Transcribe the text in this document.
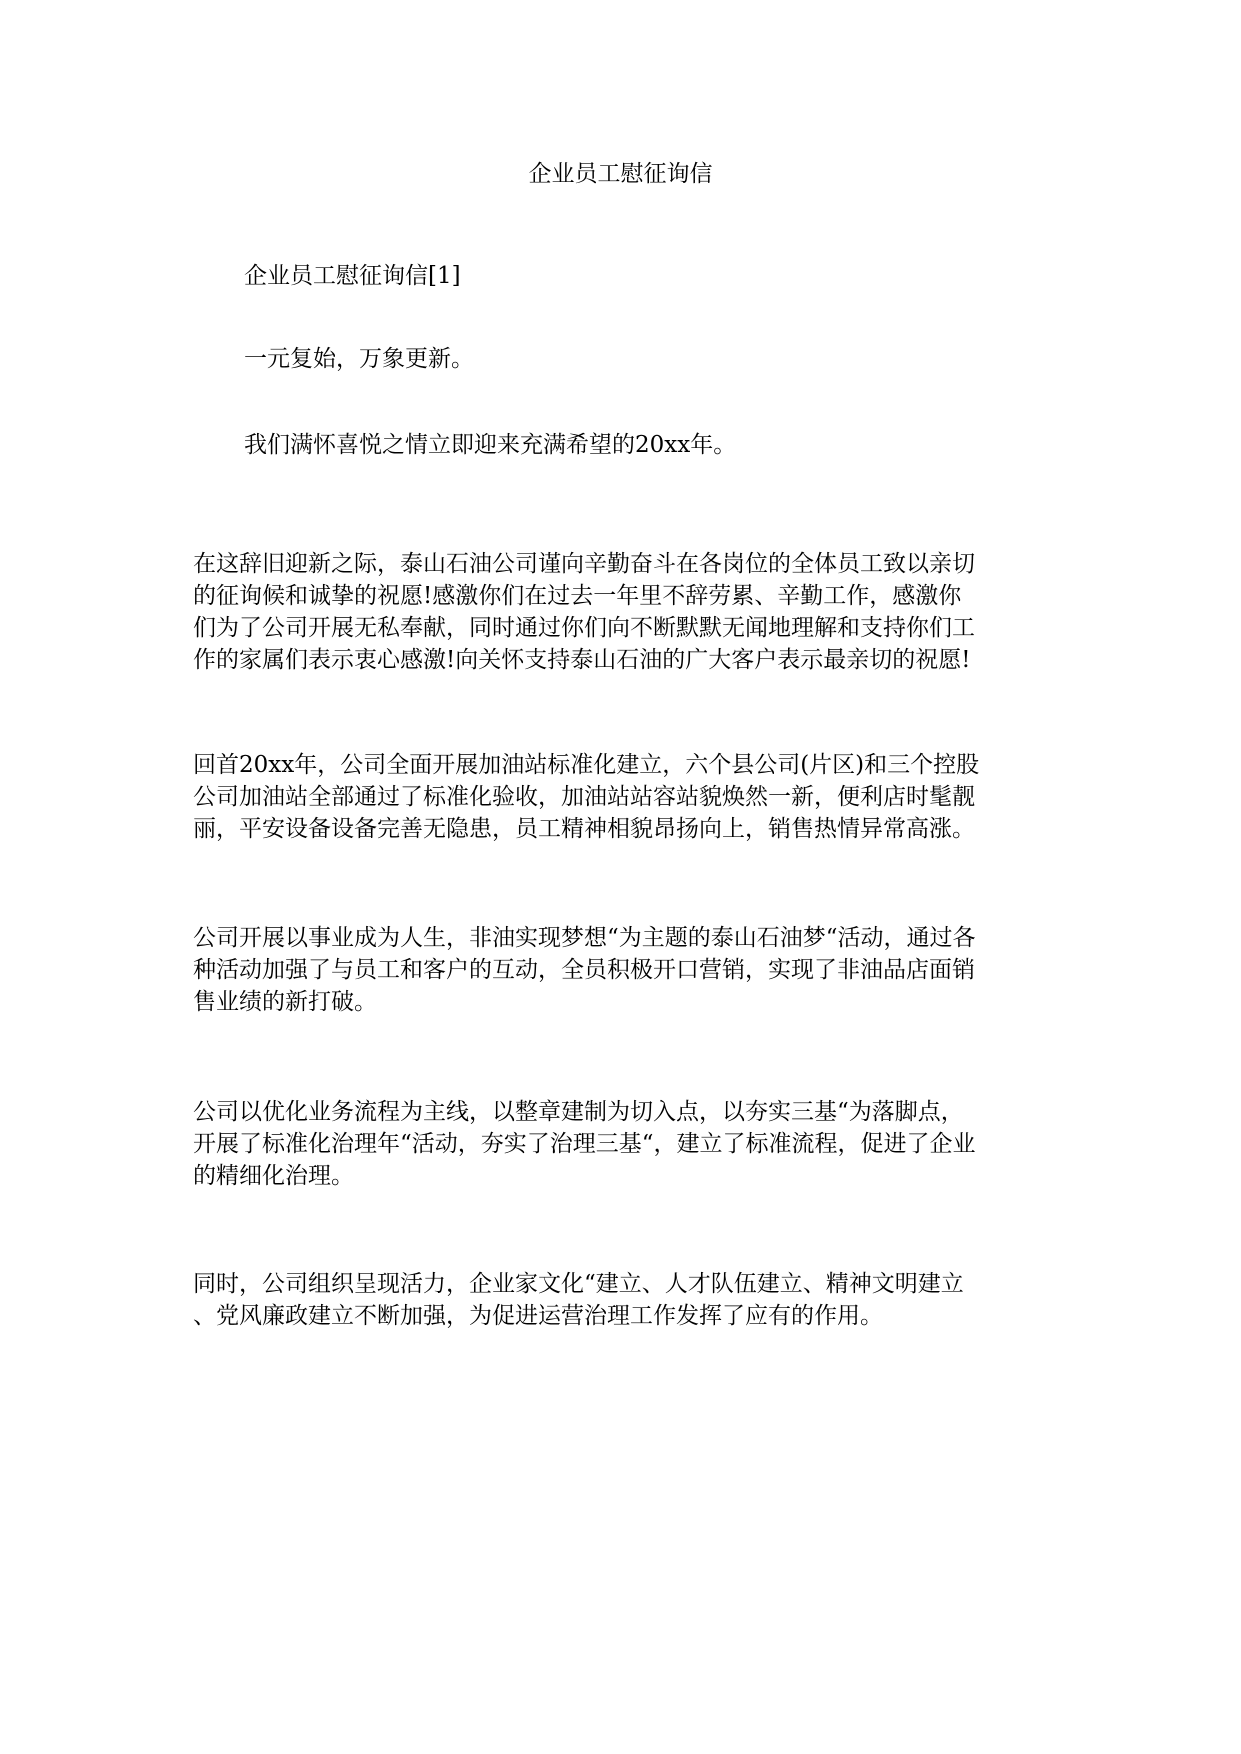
企业员工慰征询信
企业员工慰征询信[1]
一元复始，万象更新。
我们满怀喜悦之情立即迎来充满希望的20xx年。
在这辞旧迎新之际，泰山石油公司谨向辛勤奋斗在各岗位的全体员工致以亲切
的征询候和诚挚的祝愿!感激你们在过去一年里不辞劳累、辛勤工作，感激你
们为了公司开展无私奉献，同时通过你们向不断默默无闻地理解和支持你们工
作的家属们表示衷心感激!向关怀支持泰山石油的广大客户表示最亲切的祝愿!
回首20xx年，公司全面开展加油站标准化建立，六个县公司(片区)和三个控股
公司加油站全部通过了标准化验收，加油站站容站貌焕然一新，便利店时髦靓
丽，平安设备设备完善无隐患，员工精神相貌昂扬向上，销售热情异常高涨。
公司开展以事业成为人生，非油实现梦想“为主题的泰山石油梦“活动，通过各
种活动加强了与员工和客户的互动，全员积极开口营销，实现了非油品店面销
售业绩的新打破。
公司以优化业务流程为主线，以整章建制为切入点，以夯实三基“为落脚点，
开展了标准化治理年“活动，夯实了治理三基“，建立了标准流程，促进了企业
的精细化治理。
同时，公司组织呈现活力，企业家文化“建立、人才队伍建立、精神文明建立
、党风廉政建立不断加强，为促进运营治理工作发挥了应有的作用。
